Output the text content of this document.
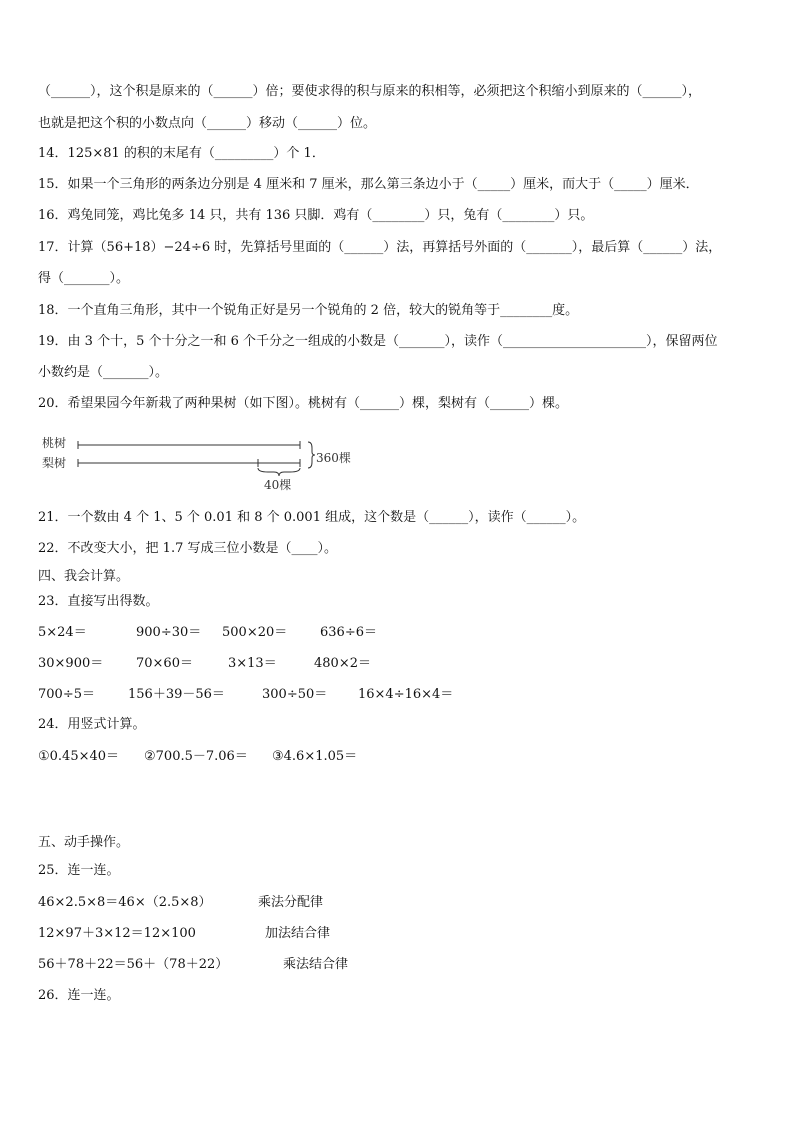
（______），这个积是原来的（______）倍；要使求得的积与原来的积相等，必须把这个积缩小到原来的（______），
也就是把这个积的小数点向（______）移动（______）位。
14．125×81 的积的末尾有（_________）个 1．
15．如果一个三角形的两条边分别是 4 厘米和 7 厘米，那么第三条边小于（_____）厘米，而大于（_____）厘米．
16．鸡兔同笼，鸡比兔多 14 只，共有 136 只脚．鸡有（________）只，兔有（________）只。
17．计算（56+18）−24÷6 时，先算括号里面的（______）法，再算括号外面的（_______），最后算（______）法，
得（_______）。
18．一个直角三角形，其中一个锐角正好是另一个锐角的 2 倍，较大的锐角等于________度。
19．由 3 个十，5 个十分之一和 6 个千分之一组成的小数是（_______），读作（______________________），保留两位
小数约是（_______）。
20．希望果园今年新栽了两种果树（如下图）。桃树有（______）棵，梨树有（______）棵。
桃树
梨树	360棵
40棵
21．一个数由 4 个 1、5 个 0.01 和 8 个 0.001 组成，这个数是（______），读作（______）。
22．不改变大小，把 1.7 写成三位小数是（____）。
四、我会计算。
23．直接写出得数。
5×24＝	900÷30＝ 500×20＝	636÷6＝
30×900＝	70×60＝	3×13＝	480×2＝
700÷5＝	156＋39－56＝	300÷50＝ 16×4÷16×4＝
24．用竖式计算。
①0.45×40＝ ②700.5－7.06＝ ③4.6×1.05＝
五、动手操作。
25．连一连。
46×2.5×8＝46×（2.5×8）	乘法分配律
12×97＋3×12＝12×100	加法结合律
56＋78＋22＝56＋（78＋22）	乘法结合律
26．连一连。
